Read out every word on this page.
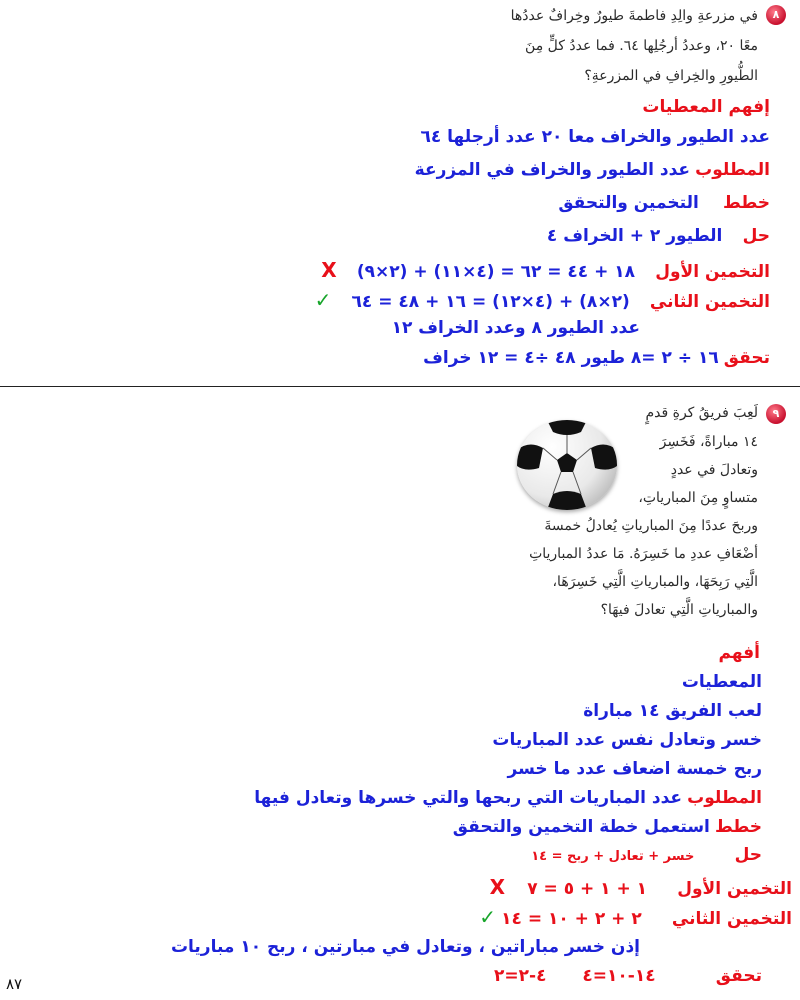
٨
في مزرعةِ والِدِ فاطمةَ طيورٌ وخِرافٌ عددُها
معًا ٢٠، وعددُ أرجُلِها ٦٤. فما عددُ كلٍّ مِنَ
الطُّيورِ والخِرافِ في المزرعةِ؟
إفهم المعطيات
عدد الطيور والخراف معا ٢٠ عدد أرجلها ٦٤
المطلوب عدد الطيور والخراف في المزرعة
خطط  التخمين والتحقق
حل  الطيور ٢ + الخراف ٤
التخمين الأول  (٢×٩) + (٤×١١) = ١٨ + ٤٤ = ٦٢  X
التخمين الثاني  (٢×٨) + (٤×١٢) = ١٦ + ٤٨ = ٦٤  ✓
عدد الطيور ٨ وعدد الخراف ١٢
تحقق ١٦ ÷ ٢ =٨ طيور ٤٨ ÷٤ = ١٢ خراف
٩
لَعِبَ فريقُ كرةِ قدمٍ
١٤ مباراةً، فَخَسِرَ
وتعادلَ في عددٍ
متساوٍ مِنَ المبارياتِ،
وربحَ عددًا مِنَ المبارياتِ يُعادلُ خمسةَ
أضْعَافِ عددِ ما خَسِرَهُ. مَا عددُ المبارياتِ
الَّتِي رَبِحَهَا، والمبارياتِ الَّتِي خَسِرَهَا،
والمبارياتِ الَّتِي تعادلَ فيهَا؟
أفهم
المعطيات
لعب الفريق ١٤ مباراة
خسر وتعادل نفس عدد المباريات
ربح خمسة اضعاف عدد ما خسر
المطلوب عدد المباريات التي ربحها والتي خسرها وتعادل فيها
خطط استعمل خطة التخمين والتحقق
حل  خسر + تعادل + ربح = ١٤
التخمين الأول  ١ + ١ + ٥ = ٧  X
التخمين الثاني  ٢ + ٢ + ١٠ = ١٤ ✓
إذن خسر مباراتين ، وتعادل في مبارتين ، ربح ١٠ مباريات
تحقق  ١٤-١٠=٤ ٤-٢=٢
٨٧
